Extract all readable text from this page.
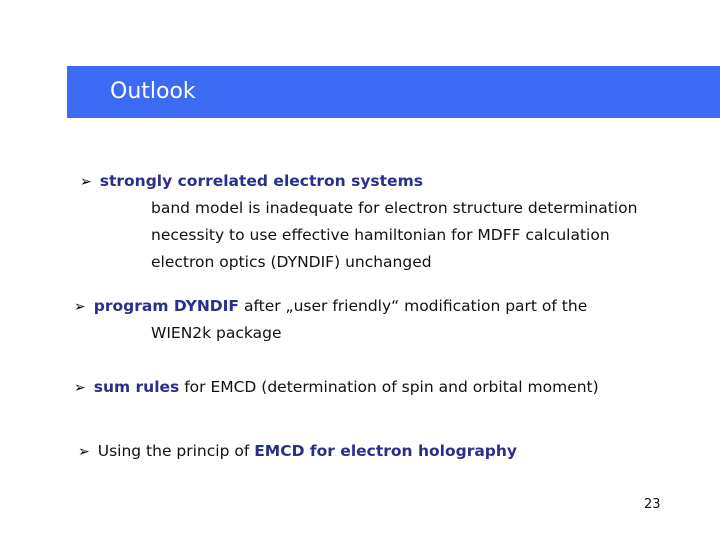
Outlook
➢ strongly correlated electron systems
band model is inadequate for electron structure determination
necessity to use effective hamiltonian for MDFF calculation
electron optics (DYNDIF) unchanged
➢ program DYNDIF after „user friendly“ modification part of the
WIEN2k package
➢ sum rules for EMCD (determination of spin and orbital moment)
➢ Using the princip of EMCD for electron holography
23
